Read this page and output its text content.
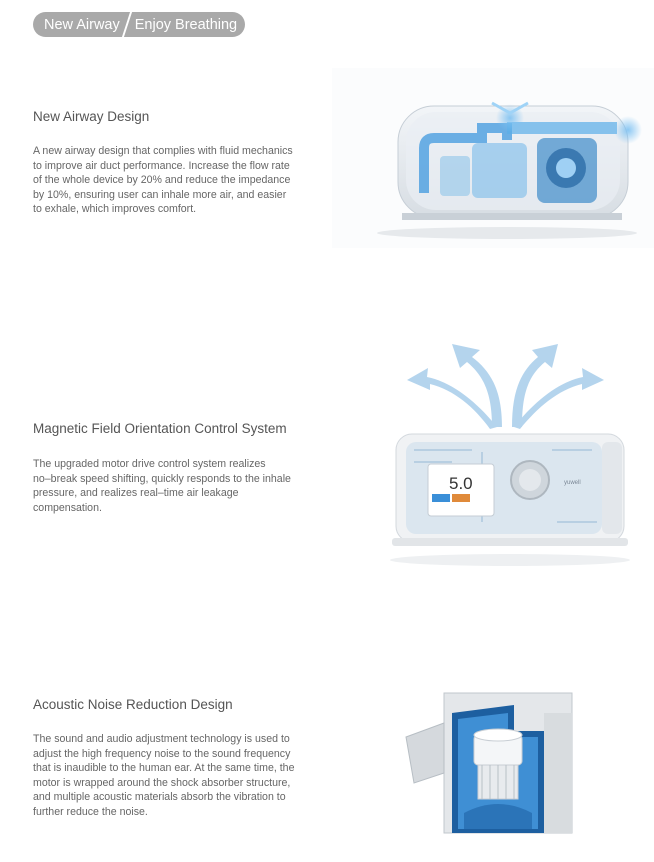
New Airway Enjoy Breathing
New Airway Design
A new airway design that complies with fluid mechanics
to improve air duct performance. Increase the flow rate
of the whole device by 20% and reduce the impedance
by 10%, ensuring user can inhale more air, and easier
to exhale, which improves comfort.
Magnetic Field Orientation Control System
The upgraded motor drive control system realizes
no–break speed shifting, quickly responds to the inhale
pressure, and realizes real–time air leakage
compensation.
5.0	yuwell
Acoustic Noise Reduction Design
The sound and audio adjustment technology is used to
adjust the high frequency noise to the sound frequency
that is inaudible to the human ear. At the same time, the
motor is wrapped around the shock absorber structure,
and multiple acoustic materials absorb the vibration to
further reduce the noise.
